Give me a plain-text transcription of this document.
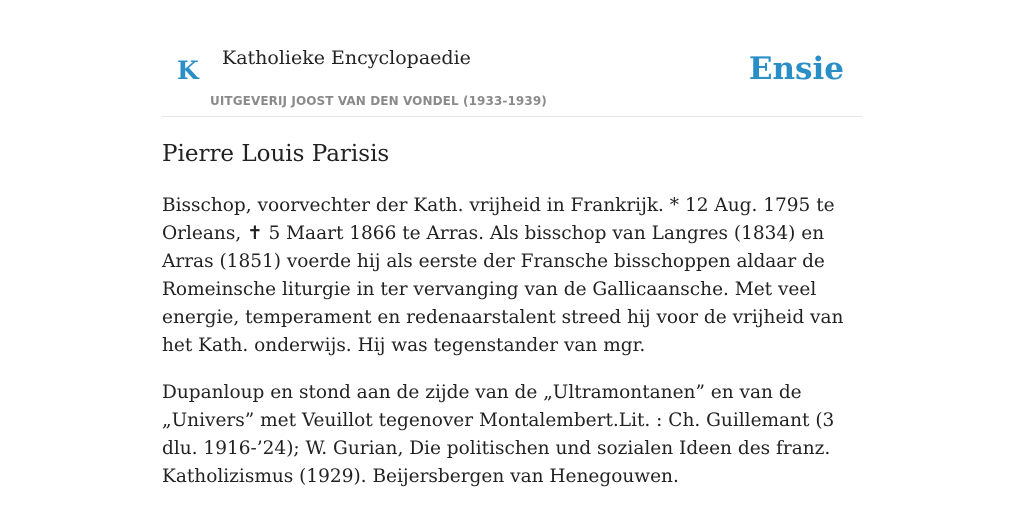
K Katholieke Encyclopaedie
UITGEVERIJ JOOST VAN DEN VONDEL (1933-1939)
Ensie
Pierre Louis Parisis

Bisschop, voorvechter der Kath. vrijheid in Frankrijk. * 12 Aug. 1795 te Orleans, ✝ 5 Maart 1866 te Arras. Als bisschop van Langres (1834) en Arras (1851) voerde hij als eerste der Fransche bisschoppen aldaar de Romeinsche liturgie in ter vervanging van de Gallicaansche. Met veel energie, temperament en redenaarstalent streed hij voor de vrijheid van het Kath. onderwijs. Hij was tegenstander van mgr.

Dupanloup en stond aan de zijde van de „Ultramontanen” en van de „Univers” met Veuillot tegenover Montalembert.Lit. : Ch. Guillemant (3 dlu. 1916-’24); W. Gurian, Die politischen und sozialen Ideen des franz. Katholizismus (1929). Beijersbergen van Henegouwen.
